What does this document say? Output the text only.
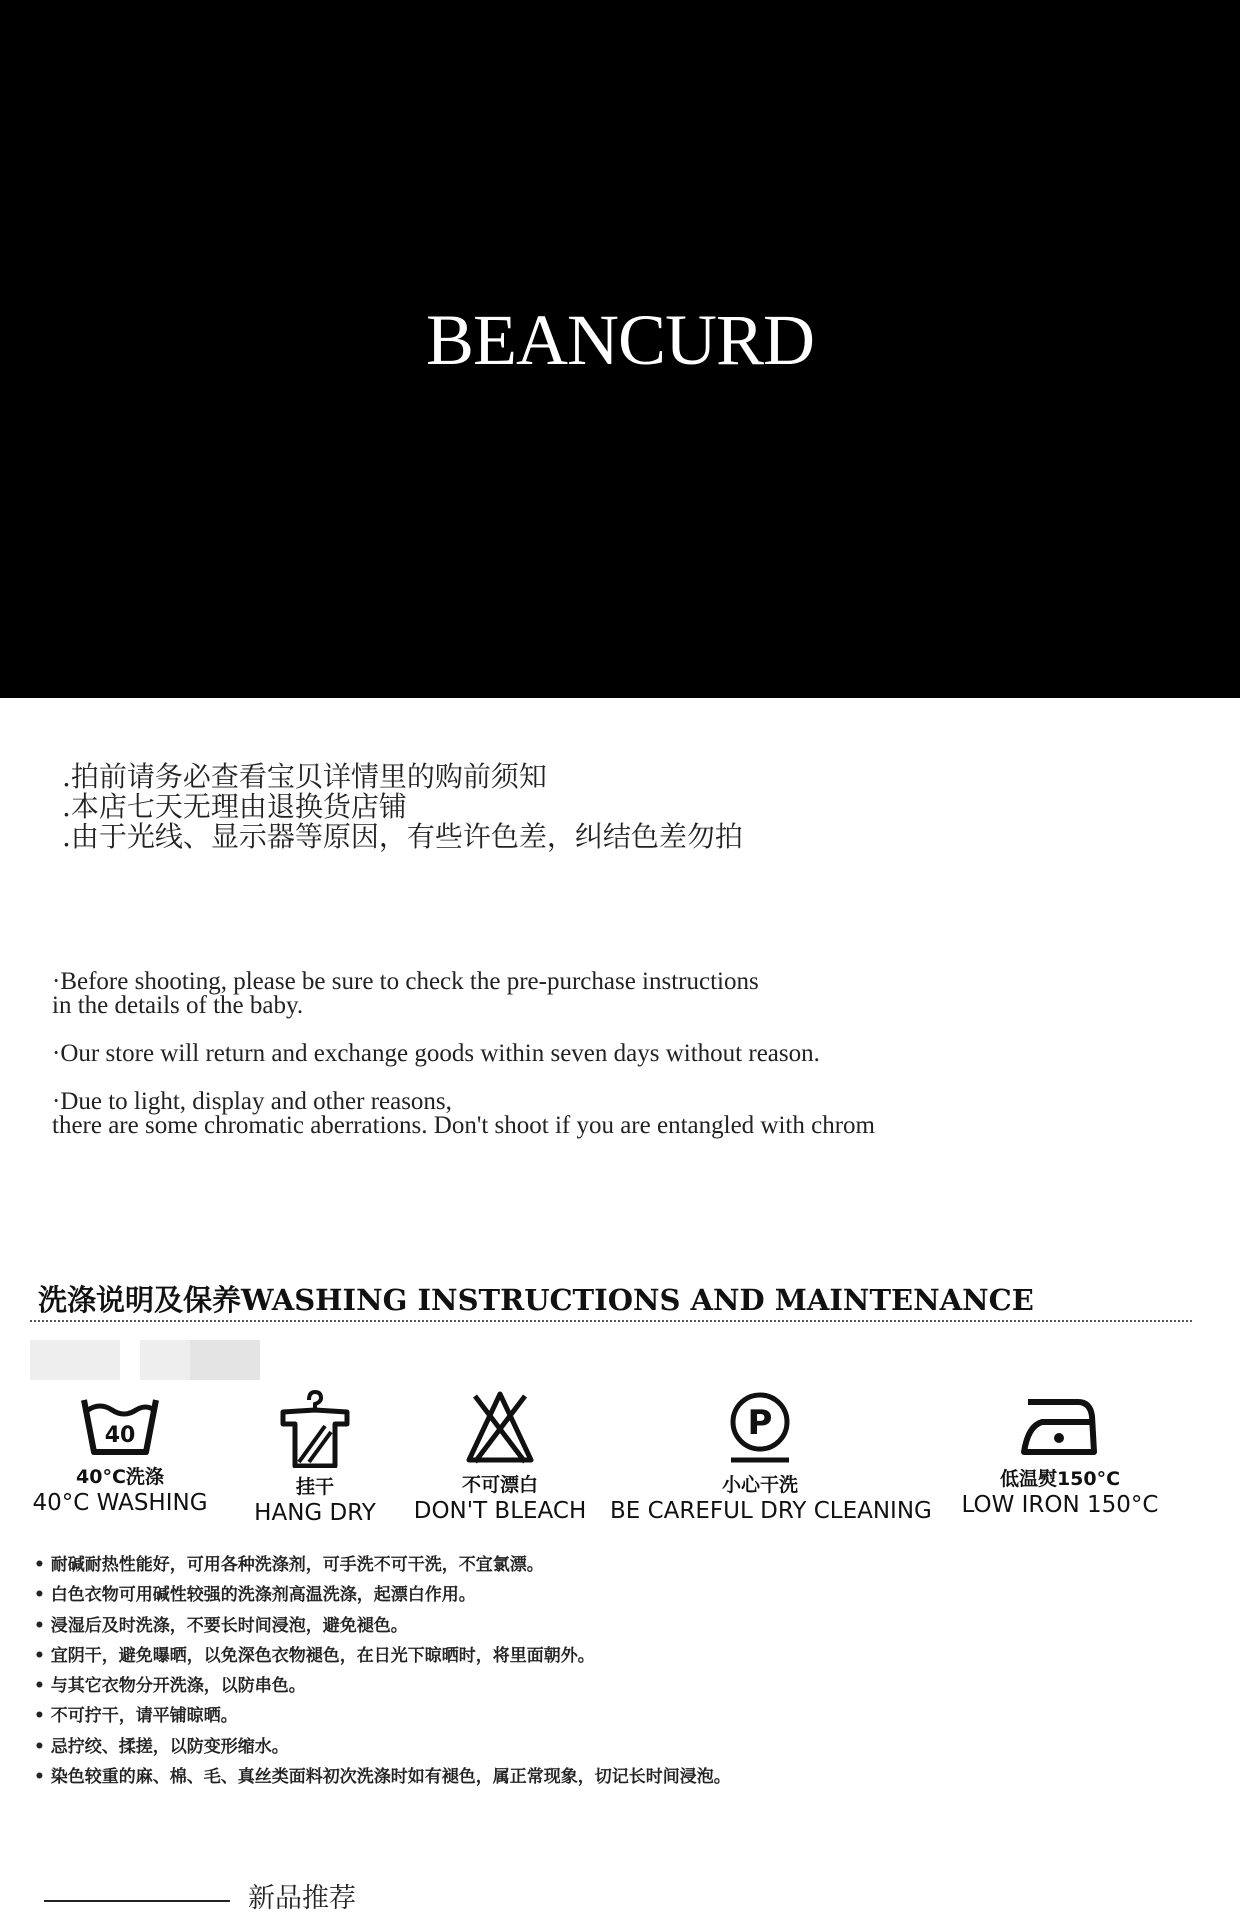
BEANCURD
.拍前请务必查看宝贝详情里的购前须知
.本店七天无理由退换货店铺
.由于光线、显示器等原因，有些许色差，纠结色差勿拍
·Before shooting, please be sure to check the pre-purchase instructions
in the details of the baby.
·Our store will return and exchange goods within seven days without reason.
·Due to light, display and other reasons,
there are some chromatic aberrations. Don't shoot if you are entangled with chrom
洗涤说明及保养WASHING INSTRUCTIONS AND MAINTENANCE
40
40°C洗涤
40°C WASHING
挂干
HANG DRY
不可漂白
DON'T BLEACH
P
小心干洗
BE CAREFUL DRY CLEANING
低温熨150°C
LOW IRON 150°C
• 耐碱耐热性能好，可用各种洗涤剂，可手洗不可干洗，不宜氯漂。
• 白色衣物可用碱性较强的洗涤剂高温洗涤，起漂白作用。
• 浸湿后及时洗涤，不要长时间浸泡，避免褪色。
• 宜阴干，避免曝晒，以免深色衣物褪色，在日光下晾晒时，将里面朝外。
• 与其它衣物分开洗涤，以防串色。
• 不可拧干，请平铺晾晒。
• 忌拧绞、揉搓，以防变形缩水。
• 染色较重的麻、棉、毛、真丝类面料初次洗涤时如有褪色，属正常现象，切记长时间浸泡。
新品推荐
